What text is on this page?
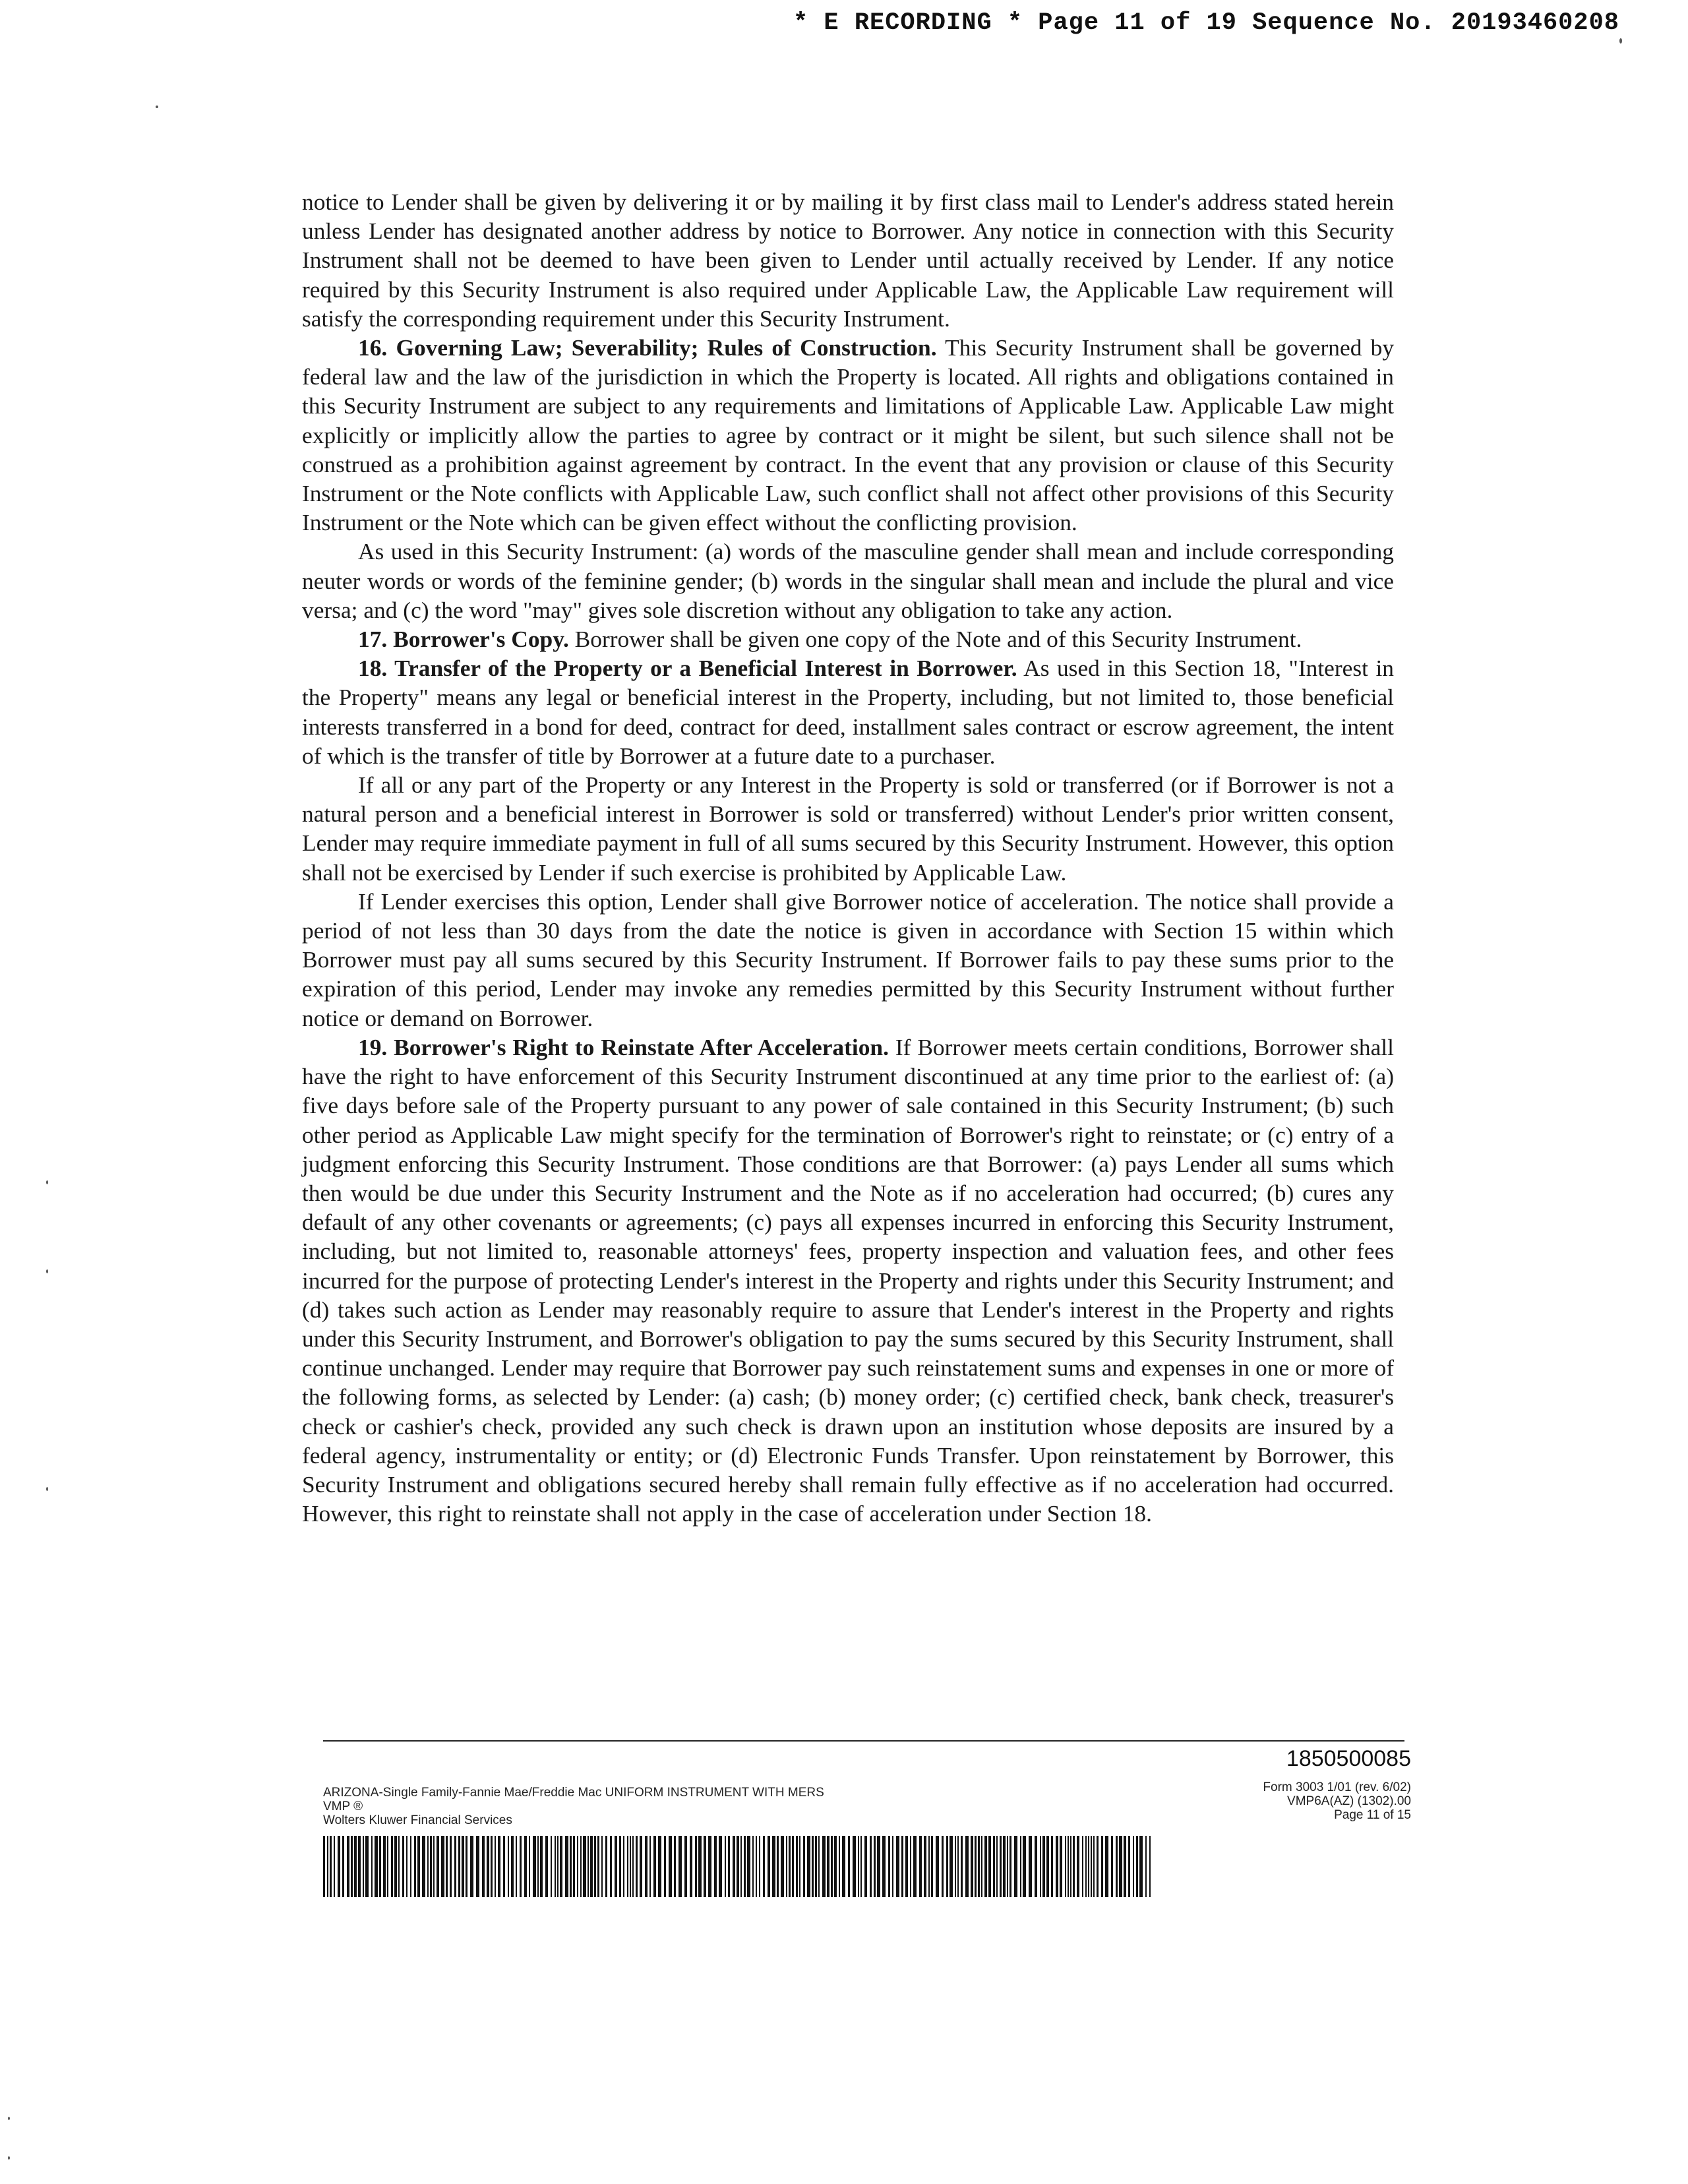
* E RECORDING * Page 11 of 19 Sequence No. 20193460208

notice to Lender shall be given by delivering it or by mailing it by first class mail to Lender's address stated herein unless Lender has designated another address by notice to Borrower. Any notice in connection with this Security Instrument shall not be deemed to have been given to Lender until actually received by Lender. If any notice required by this Security Instrument is also required under Applicable Law, the Applicable Law requirement will satisfy the corresponding requirement under this Security Instrument.

16. Governing Law; Severability; Rules of Construction. This Security Instrument shall be governed by federal law and the law of the jurisdiction in which the Property is located. All rights and obligations contained in this Security Instrument are subject to any requirements and limitations of Applicable Law. Applicable Law might explicitly or implicitly allow the parties to agree by contract or it might be silent, but such silence shall not be construed as a prohibition against agreement by contract. In the event that any provision or clause of this Security Instrument or the Note conflicts with Applicable Law, such conflict shall not affect other provisions of this Security Instrument or the Note which can be given effect without the conflicting provision.

As used in this Security Instrument: (a) words of the masculine gender shall mean and include corresponding neuter words or words of the feminine gender; (b) words in the singular shall mean and include the plural and vice versa; and (c) the word "may" gives sole discretion without any obligation to take any action.

17. Borrower's Copy. Borrower shall be given one copy of the Note and of this Security Instrument.

18. Transfer of the Property or a Beneficial Interest in Borrower. As used in this Section 18, "Interest in the Property" means any legal or beneficial interest in the Property, including, but not limited to, those beneficial interests transferred in a bond for deed, contract for deed, installment sales contract or escrow agreement, the intent of which is the transfer of title by Borrower at a future date to a purchaser.

If all or any part of the Property or any Interest in the Property is sold or transferred (or if Borrower is not a natural person and a beneficial interest in Borrower is sold or transferred) without Lender's prior written consent, Lender may require immediate payment in full of all sums secured by this Security Instrument. However, this option shall not be exercised by Lender if such exercise is prohibited by Applicable Law.

If Lender exercises this option, Lender shall give Borrower notice of acceleration. The notice shall provide a period of not less than 30 days from the date the notice is given in accordance with Section 15 within which Borrower must pay all sums secured by this Security Instrument. If Borrower fails to pay these sums prior to the expiration of this period, Lender may invoke any remedies permitted by this Security Instrument without further notice or demand on Borrower.

19. Borrower's Right to Reinstate After Acceleration. If Borrower meets certain conditions, Borrower shall have the right to have enforcement of this Security Instrument discontinued at any time prior to the earliest of: (a) five days before sale of the Property pursuant to any power of sale contained in this Security Instrument; (b) such other period as Applicable Law might specify for the termination of Borrower's right to reinstate; or (c) entry of a judgment enforcing this Security Instrument. Those conditions are that Borrower: (a) pays Lender all sums which then would be due under this Security Instrument and the Note as if no acceleration had occurred; (b) cures any default of any other covenants or agreements; (c) pays all expenses incurred in enforcing this Security Instrument, including, but not limited to, reasonable attorneys' fees, property inspection and valuation fees, and other fees incurred for the purpose of protecting Lender's interest in the Property and rights under this Security Instrument; and (d) takes such action as Lender may reasonably require to assure that Lender's interest in the Property and rights under this Security Instrument, and Borrower's obligation to pay the sums secured by this Security Instrument, shall continue unchanged. Lender may require that Borrower pay such reinstatement sums and expenses in one or more of the following forms, as selected by Lender: (a) cash; (b) money order; (c) certified check, bank check, treasurer's check or cashier's check, provided any such check is drawn upon an institution whose deposits are insured by a federal agency, instrumentality or entity; or (d) Electronic Funds Transfer. Upon reinstatement by Borrower, this Security Instrument and obligations secured hereby shall remain fully effective as if no acceleration had occurred. However, this right to reinstate shall not apply in the case of acceleration under Section 18.

1850500085
ARIZONA-Single Family-Fannie Mae/Freddie Mac UNIFORM INSTRUMENT WITH MERS
VMP ®
Wolters Kluwer Financial Services
Form 3003 1/01 (rev. 6/02)
VMP6A(AZ) (1302).00
Page 11 of 15
